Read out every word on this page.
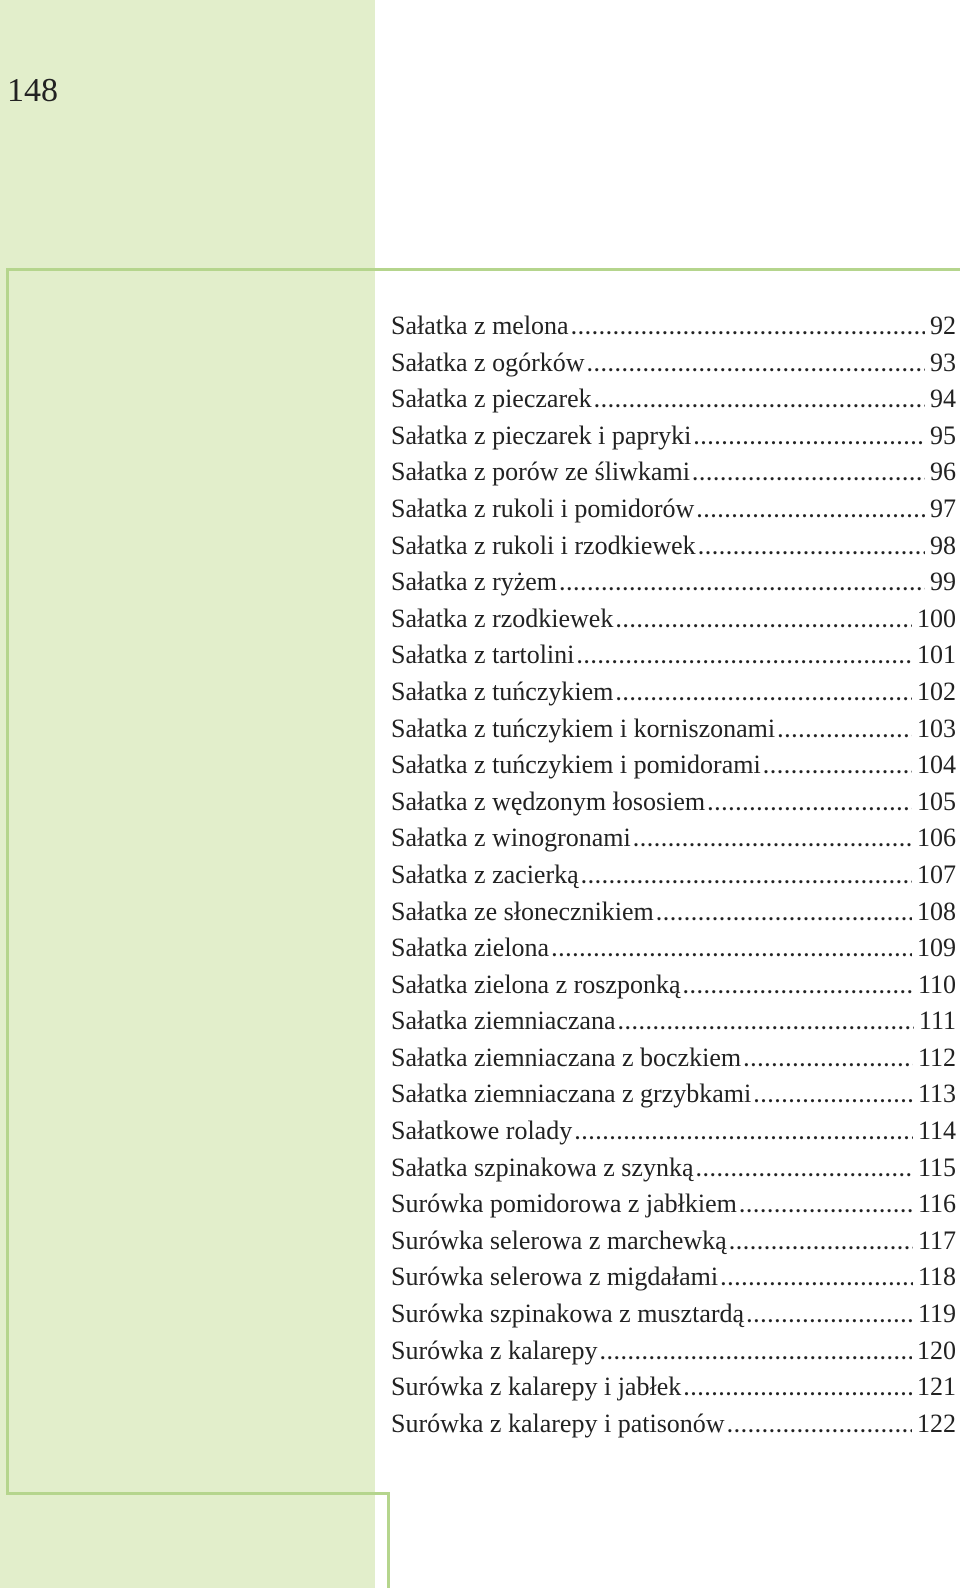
148
Sałatka z melona .....	92
Sałatka z ogórków .....	93
Sałatka z pieczarek .....	94
Sałatka z pieczarek i papryki .....	95
Sałatka z porów ze śliwkami .....	96
Sałatka z rukoli i pomidorów .....	97
Sałatka z rukoli i rzodkiewek .....	98
Sałatka z ryżem .....	99
Sałatka z rzodkiewek .....	100
Sałatka z tartolini .....	101
Sałatka z tuńczykiem .....	102
Sałatka z tuńczykiem i korniszonami .....	103
Sałatka z tuńczykiem i pomidorami .....	104
Sałatka z wędzonym łososiem .....	105
Sałatka z winogronami .....	106
Sałatka z zacierką .....	107
Sałatka ze słonecznikiem .....	108
Sałatka zielona .....	109
Sałatka zielona z roszponką .....	110
Sałatka ziemniaczana .....	111
Sałatka ziemniaczana z boczkiem .....	112
Sałatka ziemniaczana z grzybkami .....	113
Sałatkowe rolady .....	114
Sałatka szpinakowa z szynką .....	115
Surówka pomidorowa z jabłkiem .....	116
Surówka selerowa z marchewką .....	117
Surówka selerowa z migdałami .....	118
Surówka szpinakowa z musztardą .....	119
Surówka z kalarepy .....	120
Surówka z kalarepy i jabłek .....	121
Surówka z kalarepy i patisonów .....	122
